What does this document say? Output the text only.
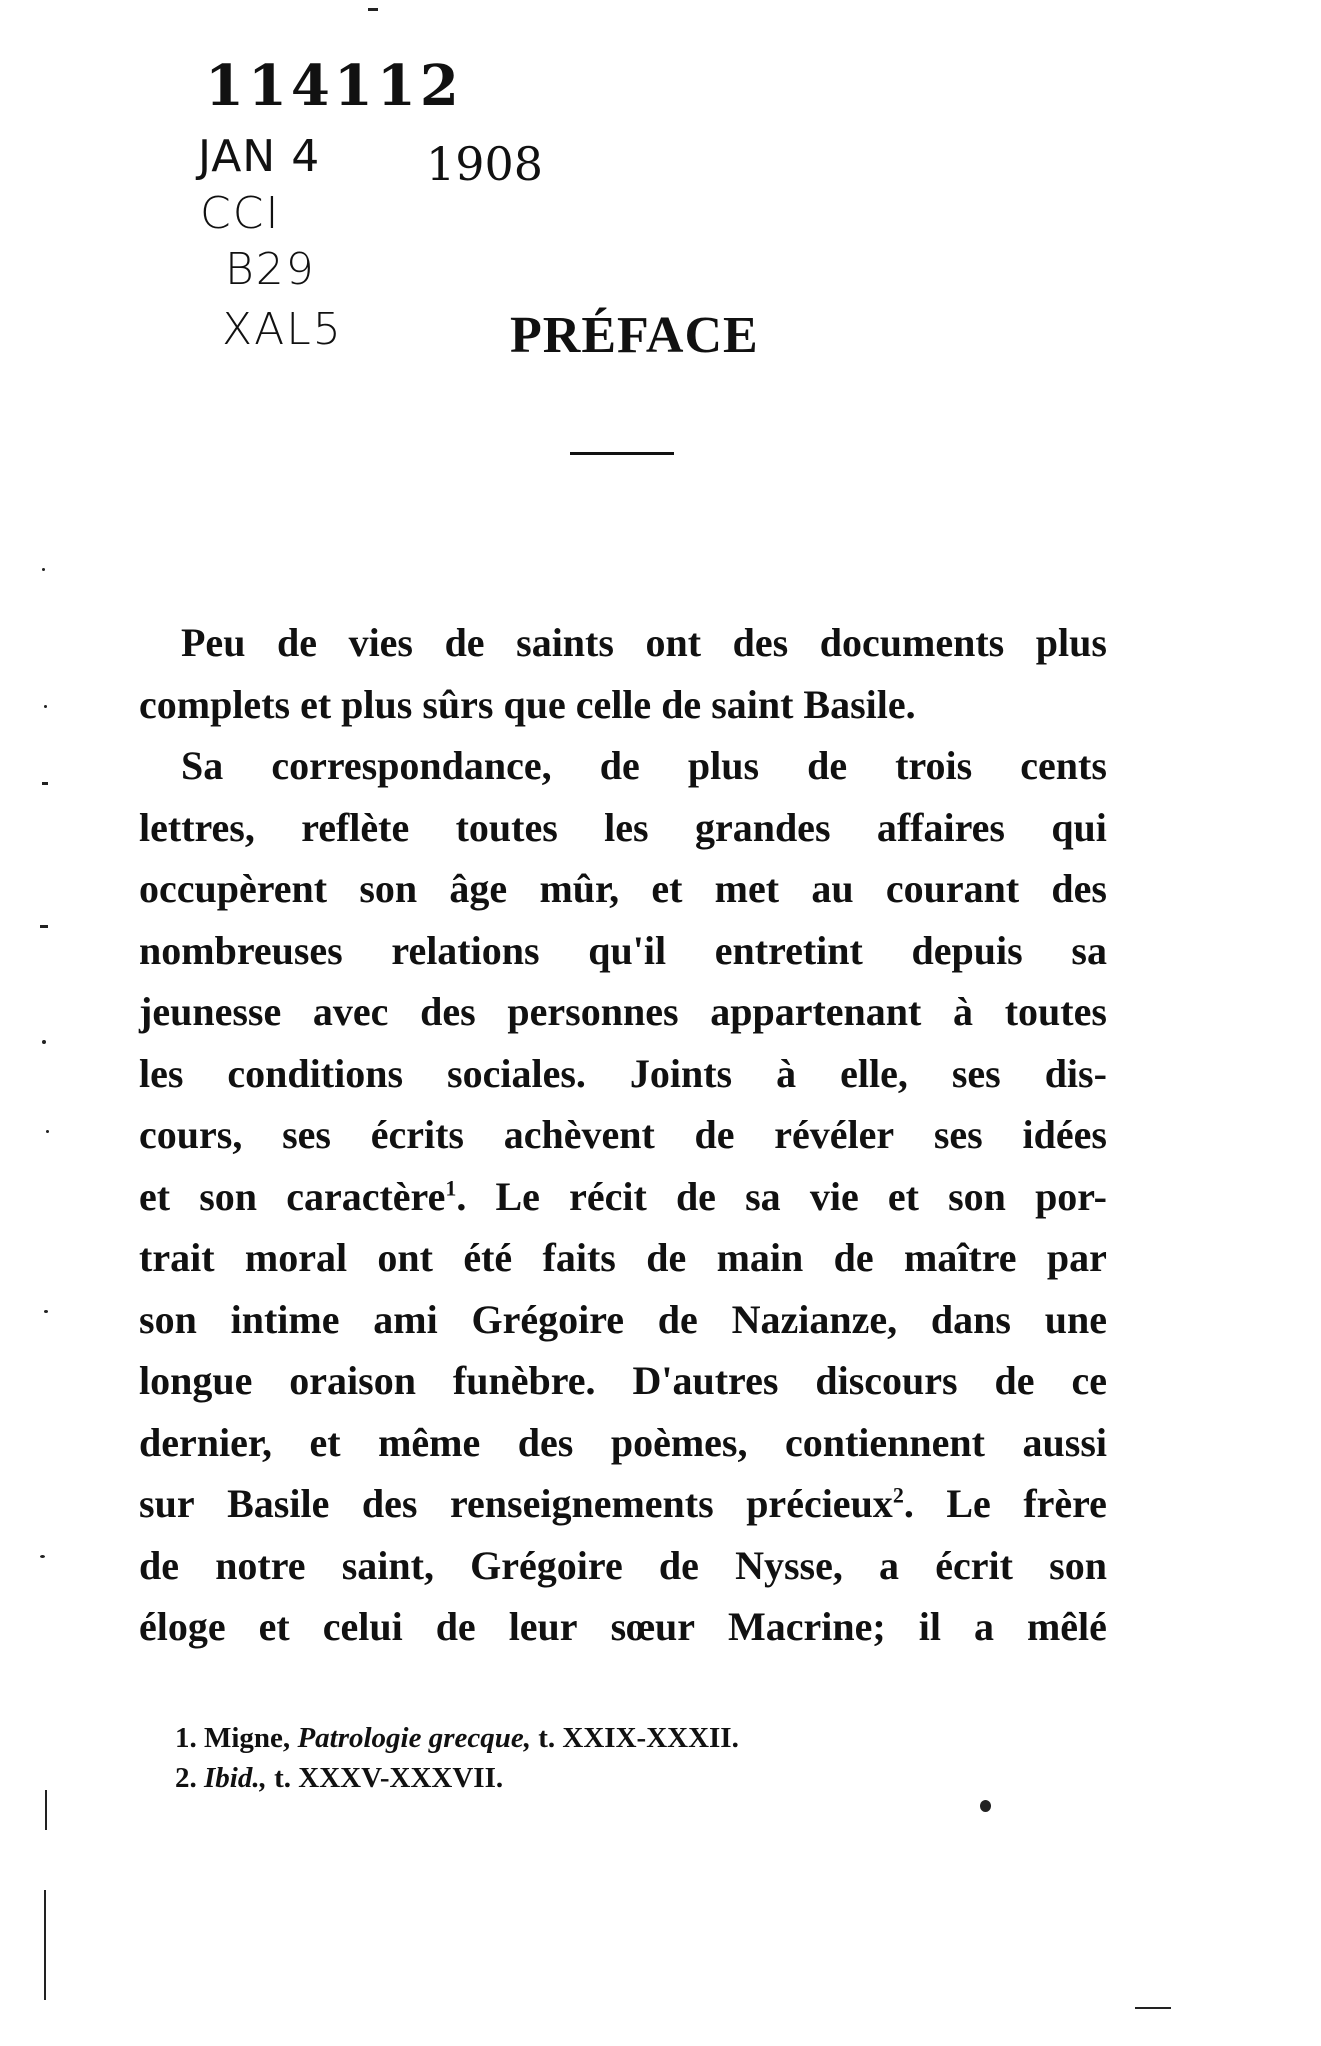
114112
JAN 4 1908
CCI
B29
XAL5	PRÉFACE
Peu de vies de saints ont des documents plus
complets et plus sûrs que celle de saint Basile.
Sa correspondance, de plus de trois cents
lettres, reflète toutes les grandes affaires qui
occupèrent son âge mûr, et met au courant des
nombreuses relations qu'il entretint depuis sa
jeunesse avec des personnes appartenant à toutes
les conditions sociales. Joints à elle, ses dis-
cours, ses écrits achèvent de révéler ses idées
et son caractère$^1$. Le récit de sa vie et son por-
trait moral ont été faits de main de maître par
son intime ami Grégoire de Nazianze, dans une
longue oraison funèbre. D'autres discours de ce
dernier, et même des poèmes, contiennent aussi
sur Basile des renseignements précieux$^2$. Le frère
de notre saint, Grégoire de Nysse, a écrit son
éloge et celui de leur sœur Macrine; il a mêlé
1. Migne, Patrologie grecque, t. XXIX-XXXII.
2. Ibid., t. XXXV-XXXVII.
